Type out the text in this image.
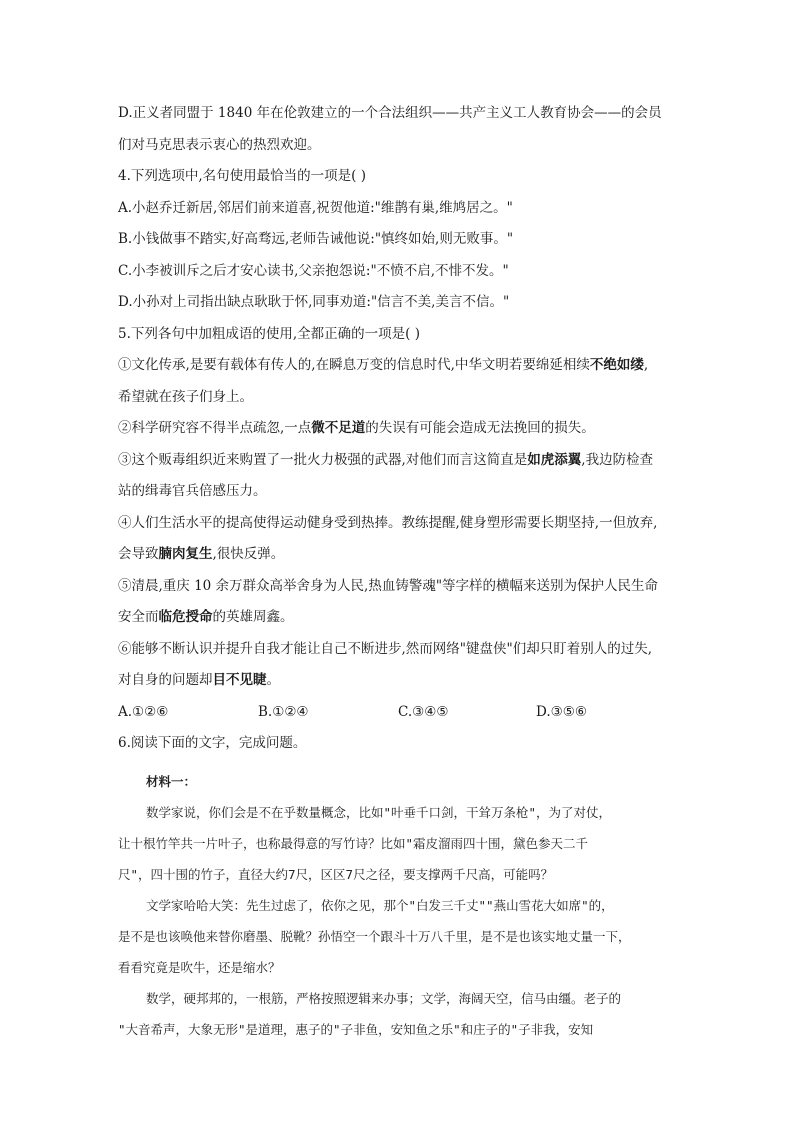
D.正义者同盟于 1840 年在伦敦建立的一个合法组织——共产主义工人教育协会——的会员
们对马克思表示衷心的热烈欢迎。
4.下列选项中,名句使用最恰当的一项是( )
A.小赵乔迁新居,邻居们前来道喜,祝贺他道:"维鹊有巢,维鸠居之。"
B.小钱做事不踏实,好高骛远,老师告诫他说:"慎终如始,则无败事。"
C.小李被训斥之后才安心读书,父亲抱怨说:"不愤不启,不悱不发。"
D.小孙对上司指出缺点耿耿于怀,同事劝道:"信言不美,美言不信。"
5.下列各句中加粗成语的使用,全都正确的一项是( )
①文化传承,是要有载体有传人的,在瞬息万变的信息时代,中华文明若要绵延相续不绝如缕,
希望就在孩子们身上。
②科学研究容不得半点疏忽,一点微不足道的失误有可能会造成无法挽回的损失。
③这个贩毒组织近来购置了一批火力极强的武器,对他们而言这简直是如虎添翼,我边防检查
站的缉毒官兵倍感压力。
④人们生活水平的提高使得运动健身受到热捧。教练提醒,健身塑形需要长期坚持,一但放弃,
会导致腩肉复生,很快反弹。
⑤清晨,重庆 10 余万群众高举舍身为人民,热血铸警魂"等字样的横幅来送别为保护人民生命
安全而临危授命的英雄周鑫。
⑥能够不断认识并提升自我才能让自己不断进步,然而网络"键盘侠"们却只盯着别人的过失,
对自身的问题却目不见睫。
A.①②⑥	B.①②④	C.③④⑤	D.③⑤⑥
6.阅读下面的文字，完成问题。
材料一：
数学家说，你们会是不在乎数量概念，比如"叶垂千口剑，干耸万条枪"，为了对仗，
让十根竹竿共一片叶子，也称最得意的写竹诗？比如"霜皮溜雨四十围，黛色参天二千
尺"，四十围的竹子，直径大约7尺，区区7尺之径，要支撑两千尺高，可能吗？
文学家哈哈大笑：先生过虑了，依你之见，那个"白发三千丈""燕山雪花大如席"的，
是不是也该唤他来替你磨墨、脱靴？孙悟空一个跟斗十万八千里，是不是也该实地丈量一下，
看看究竟是吹牛，还是缩水？
数学，硬邦邦的，一根筋，严格按照逻辑来办事；文学，海阔天空，信马由缰。老子的
"大音希声，大象无形"是道理，惠子的"子非鱼，安知鱼之乐"和庄子的"子非我，安知
